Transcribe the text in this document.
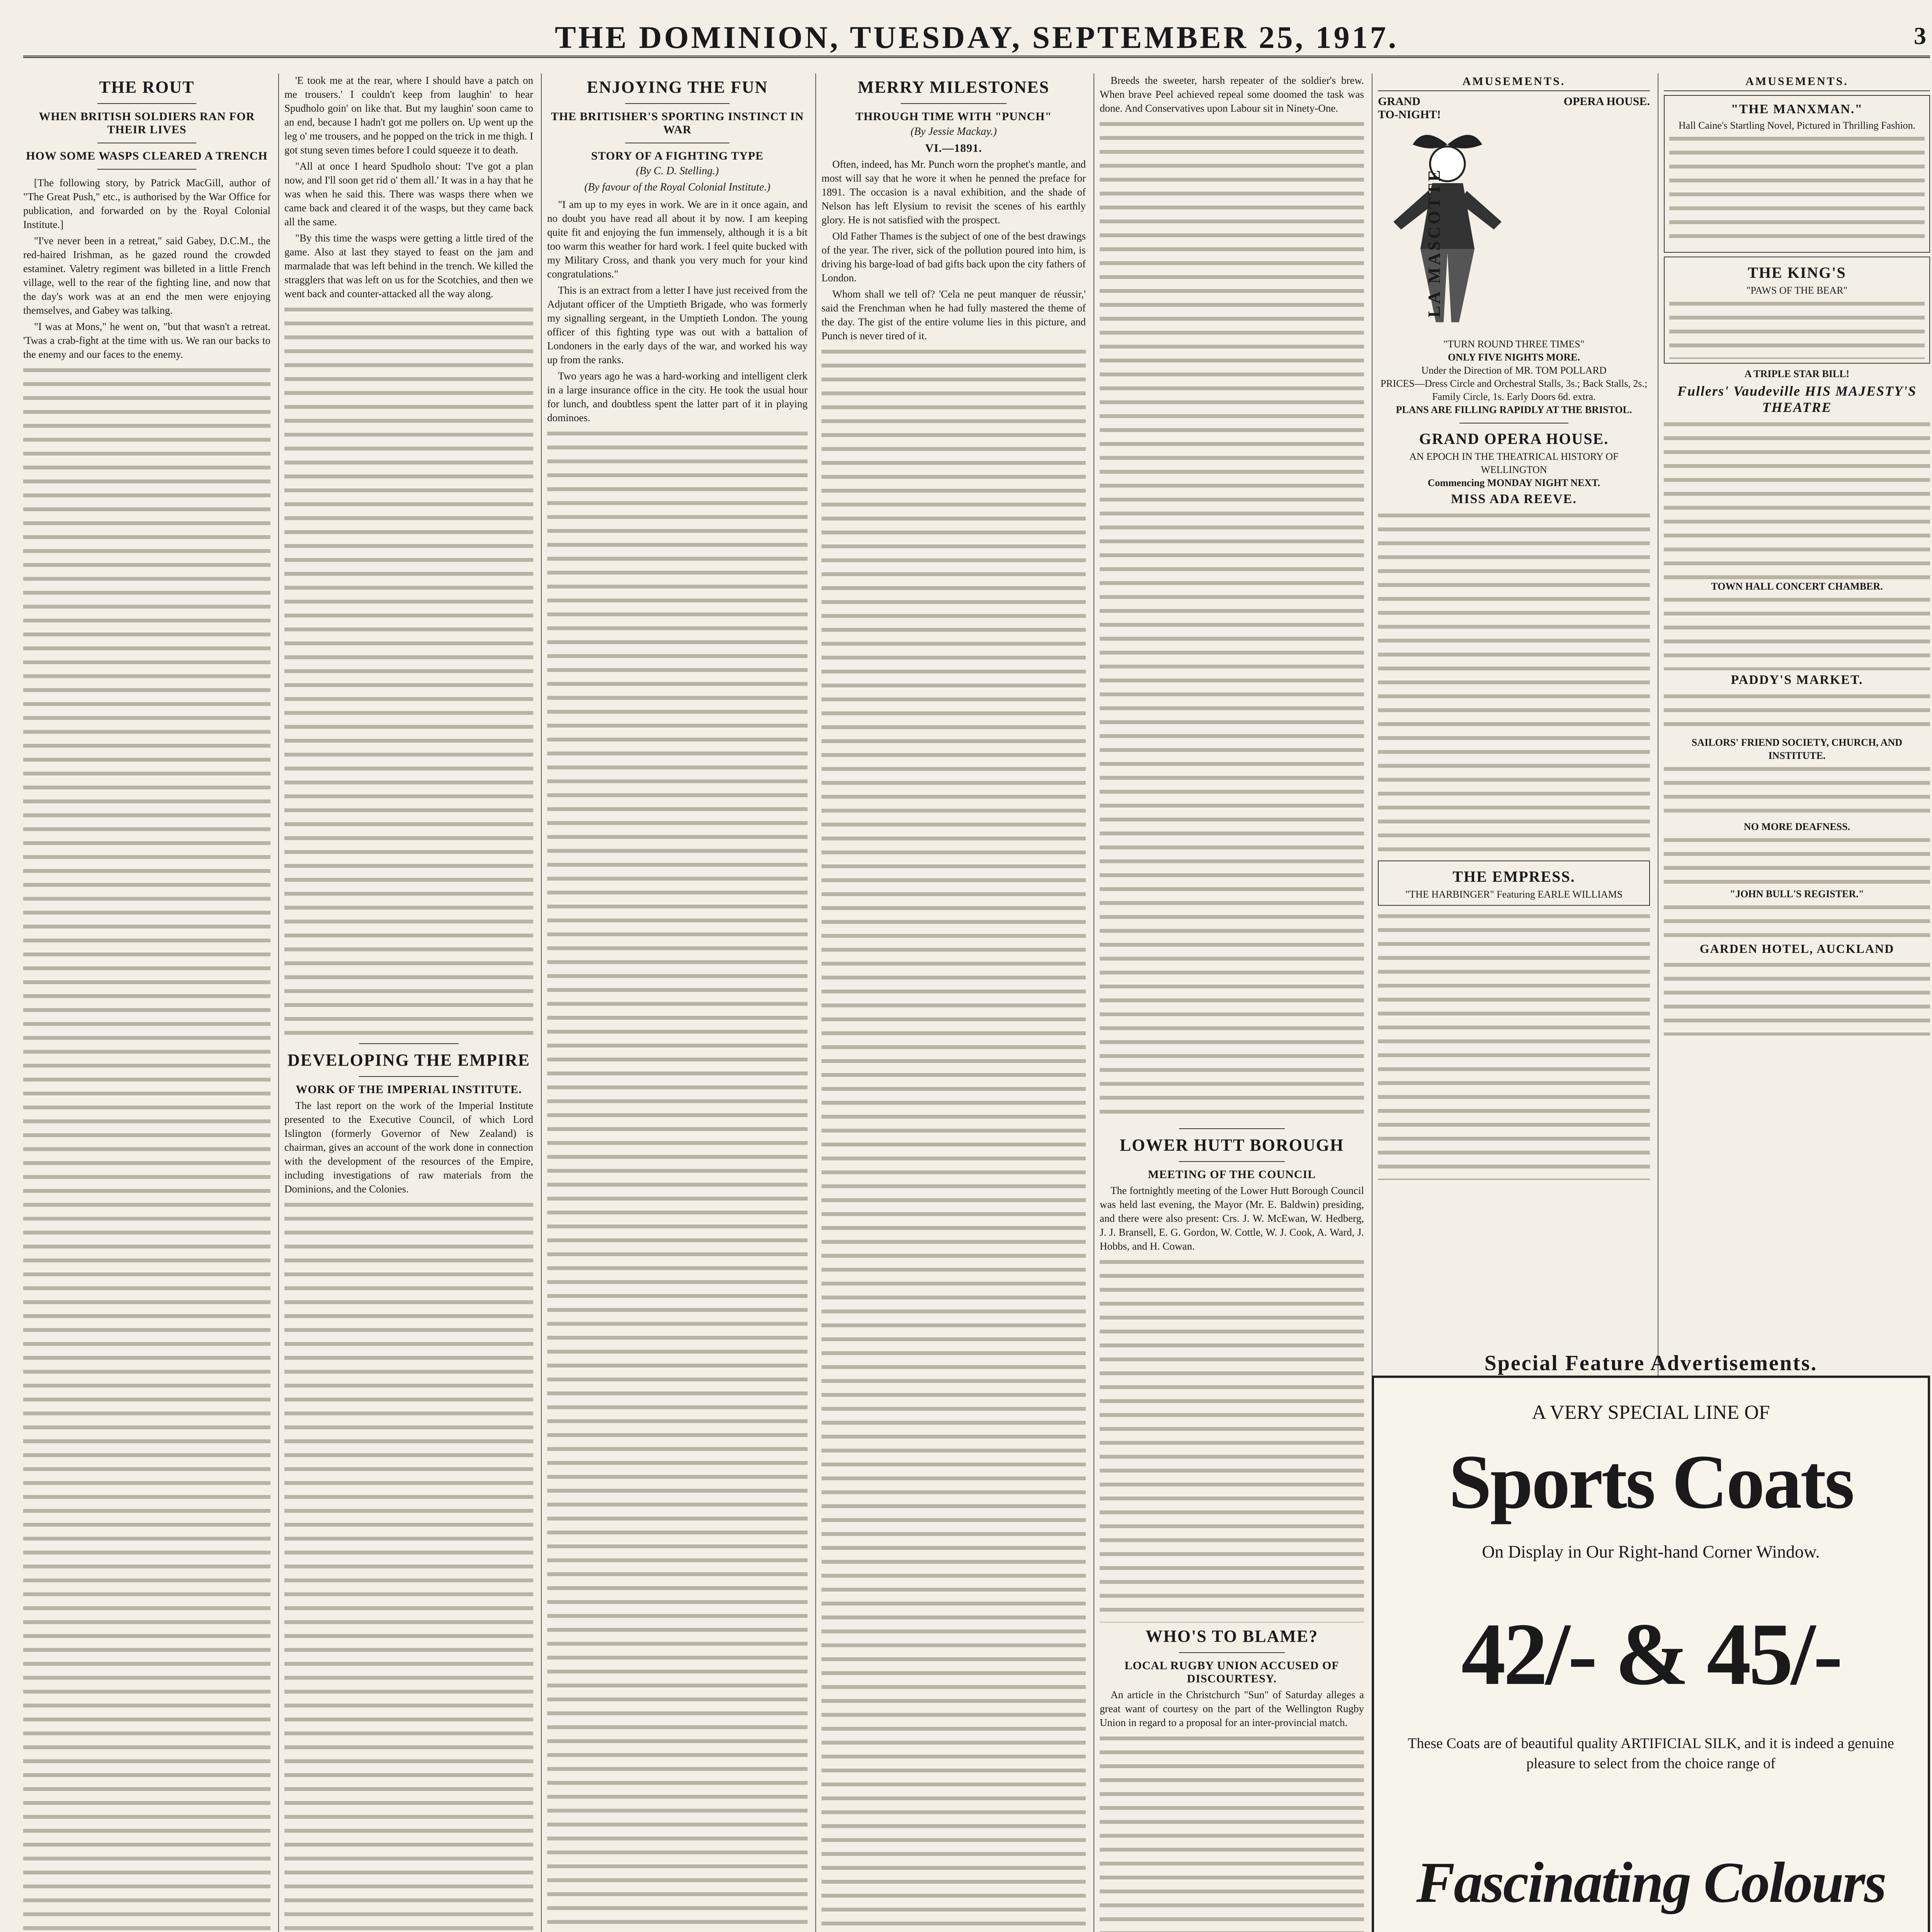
THE DOMINION, TUESDAY, SEPTEMBER 25, 1917.	3
THE ROUT
WHEN BRITISH SOLDIERS RAN FOR THEIR LIVES
HOW SOME WASPS CLEARED A TRENCH

[The following story, by Patrick MacGill, author of "The Great Push," etc., is authorised by the War Office for publication, and forwarded on by the Royal Colonial Institute.]

"I've never been in a retreat," said Gabey, D.C.M., the red-haired Irishman, as he gazed round the crowded estaminet. Valetry regiment was billeted in a little French village, well to the rear of the fighting line, and now that the day's work was at an end the men were enjoying themselves, and Gabey was talking.

"I was at Mons," he went on, "but that wasn't a retreat. 'Twas a crab-fight at the time with us. We ran our backs to the enemy and our faces to the enemy.

'E took me at the rear, where I should have a patch on me trousers.' I couldn't keep from laughin' to hear Spudholo goin' on like that. But my laughin' soon came to an end, because I hadn't got me pollers on. Up went up the leg o' me trousers, and he popped on the trick in me thigh. I got stung seven times before I could squeeze it to death.

"All at once I heard Spudholo shout: 'I've got a plan now, and I'll soon get rid o' them all.' It was in a hay that he was when he said this. There was wasps there when we came back and cleared it of the wasps, but they came back all the same.

"By this time the wasps were getting a little tired of the game. Also at last they stayed to feast on the jam and marmalade that was left behind in the trench. We killed the stragglers that was left on us for the Scotchies, and then we went back and counter-attacked all the way along.

DEVELOPING THE EMPIRE
WORK OF THE IMPERIAL INSTITUTE.

The last report on the work of the Imperial Institute presented to the Executive Council, of which Lord Islington (formerly Governor of New Zealand) is chairman, gives an account of the work done in connection with the development of the resources of the Empire, including investigations of raw materials from the Dominions, and the Colonies.

ENJOYING THE FUN
THE BRITISHER'S SPORTING INSTINCT IN WAR
STORY OF A FIGHTING TYPE
(By C. D. Stelling.)
(By favour of the Royal Colonial Institute.)

"I am up to my eyes in work. We are in it once again, and no doubt you have read all about it by now. I am keeping quite fit and enjoying the fun immensely, although it is a bit too warm this weather for hard work. I feel quite bucked with my Military Cross, and thank you very much for your kind congratulations."

This is an extract from a letter I have just received from the Adjutant officer of the Umptieth Brigade, who was formerly my signalling sergeant, in the Umptieth London. The young officer of this fighting type was out with a battalion of Londoners in the early days of the war, and worked his way up from the ranks.

Two years ago he was a hard-working and intelligent clerk in a large insurance office in the city. He took the usual hour for lunch, and doubtless spent the latter part of it in playing dominoes.

MERRY MILESTONES
THROUGH TIME WITH "PUNCH"
(By Jessie Mackay.)
VI.—1891.

Often, indeed, has Mr. Punch worn the prophet's mantle, and most will say that he wore it when he penned the preface for 1891. The occasion is a naval exhibition, and the shade of Nelson has left Elysium to revisit the scenes of his earthly glory. He is not satisfied with the prospect.

Old Father Thames is the subject of one of the best drawings of the year. The river, sick of the pollution poured into him, is driving his barge-load of bad gifts back upon the city fathers of London.

Whom shall we tell of? 'Cela ne peut manquer de réussir,' said the Frenchman when he had fully mastered the theme of the day. The gist of the entire volume lies in this picture, and Punch is never tired of it.

Breeds the sweeter, harsh repeater of the soldier's brew. When brave Peel achieved repeal some doomed the task was done. And Conservatives upon Labour sit in Ninety-One.

LOWER HUTT BOROUGH
MEETING OF THE COUNCIL

The fortnightly meeting of the Lower Hutt Borough Council was held last evening, the Mayor (Mr. E. Baldwin) presiding, and there were also present: Crs. J. W. McEwan, W. Hedberg, J. J. Bransell, E. G. Gordon, W. Cottle, W. J. Cook, A. Ward, J. Hobbs, and H. Cowan.

WHO'S TO BLAME?
LOCAL RUGBY UNION ACCUSED OF DISCOURTESY.

An article in the Christchurch "Sun" of Saturday alleges a great want of courtesy on the part of the Wellington Rugby Union in regard to a proposal for an inter-provincial match.

AMUSEMENTS.
GRAND	OPERA HOUSE.
TO-NIGHT!
LA MASCOTTE
"TURN ROUND THREE TIMES"
ONLY FIVE NIGHTS MORE.
Under the Direction of MR. TOM POLLARD
PRICES—Dress Circle and Orchestral Stalls, 3s.; Back Stalls, 2s.; Family Circle, 1s. Early Doors 6d. extra.
PLANS ARE FILLING RAPIDLY AT THE BRISTOL.
GRAND OPERA HOUSE.
AN EPOCH IN THE THEATRICAL HISTORY OF WELLINGTON
Commencing MONDAY NIGHT NEXT.
MISS ADA REEVE.
THE EMPRESS.
"THE HARBINGER" Featuring EARLE WILLIAMS
AMUSEMENTS.
"THE MANXMAN."
Hall Caine's Startling Novel, Pictured in Thrilling Fashion.
THE KING'S
"PAWS OF THE BEAR"
A TRIPLE STAR BILL!
Fullers' Vaudeville HIS MAJESTY'S THEATRE
TOWN HALL CONCERT CHAMBER.
PADDY'S MARKET.
SAILORS' FRIEND SOCIETY, CHURCH, AND INSTITUTE.
NO MORE DEAFNESS.
"JOHN BULL'S REGISTER."
GARDEN HOTEL, AUCKLAND
Special Feature Advertisements.
A VERY SPECIAL LINE OF
Sports Coats
On Display in Our Right-hand Corner Window.
42/- & 45/-
These Coats are of beautiful quality ARTIFICIAL SILK, and it is indeed a genuine pleasure to select from the choice range of
Fascinating Colours
